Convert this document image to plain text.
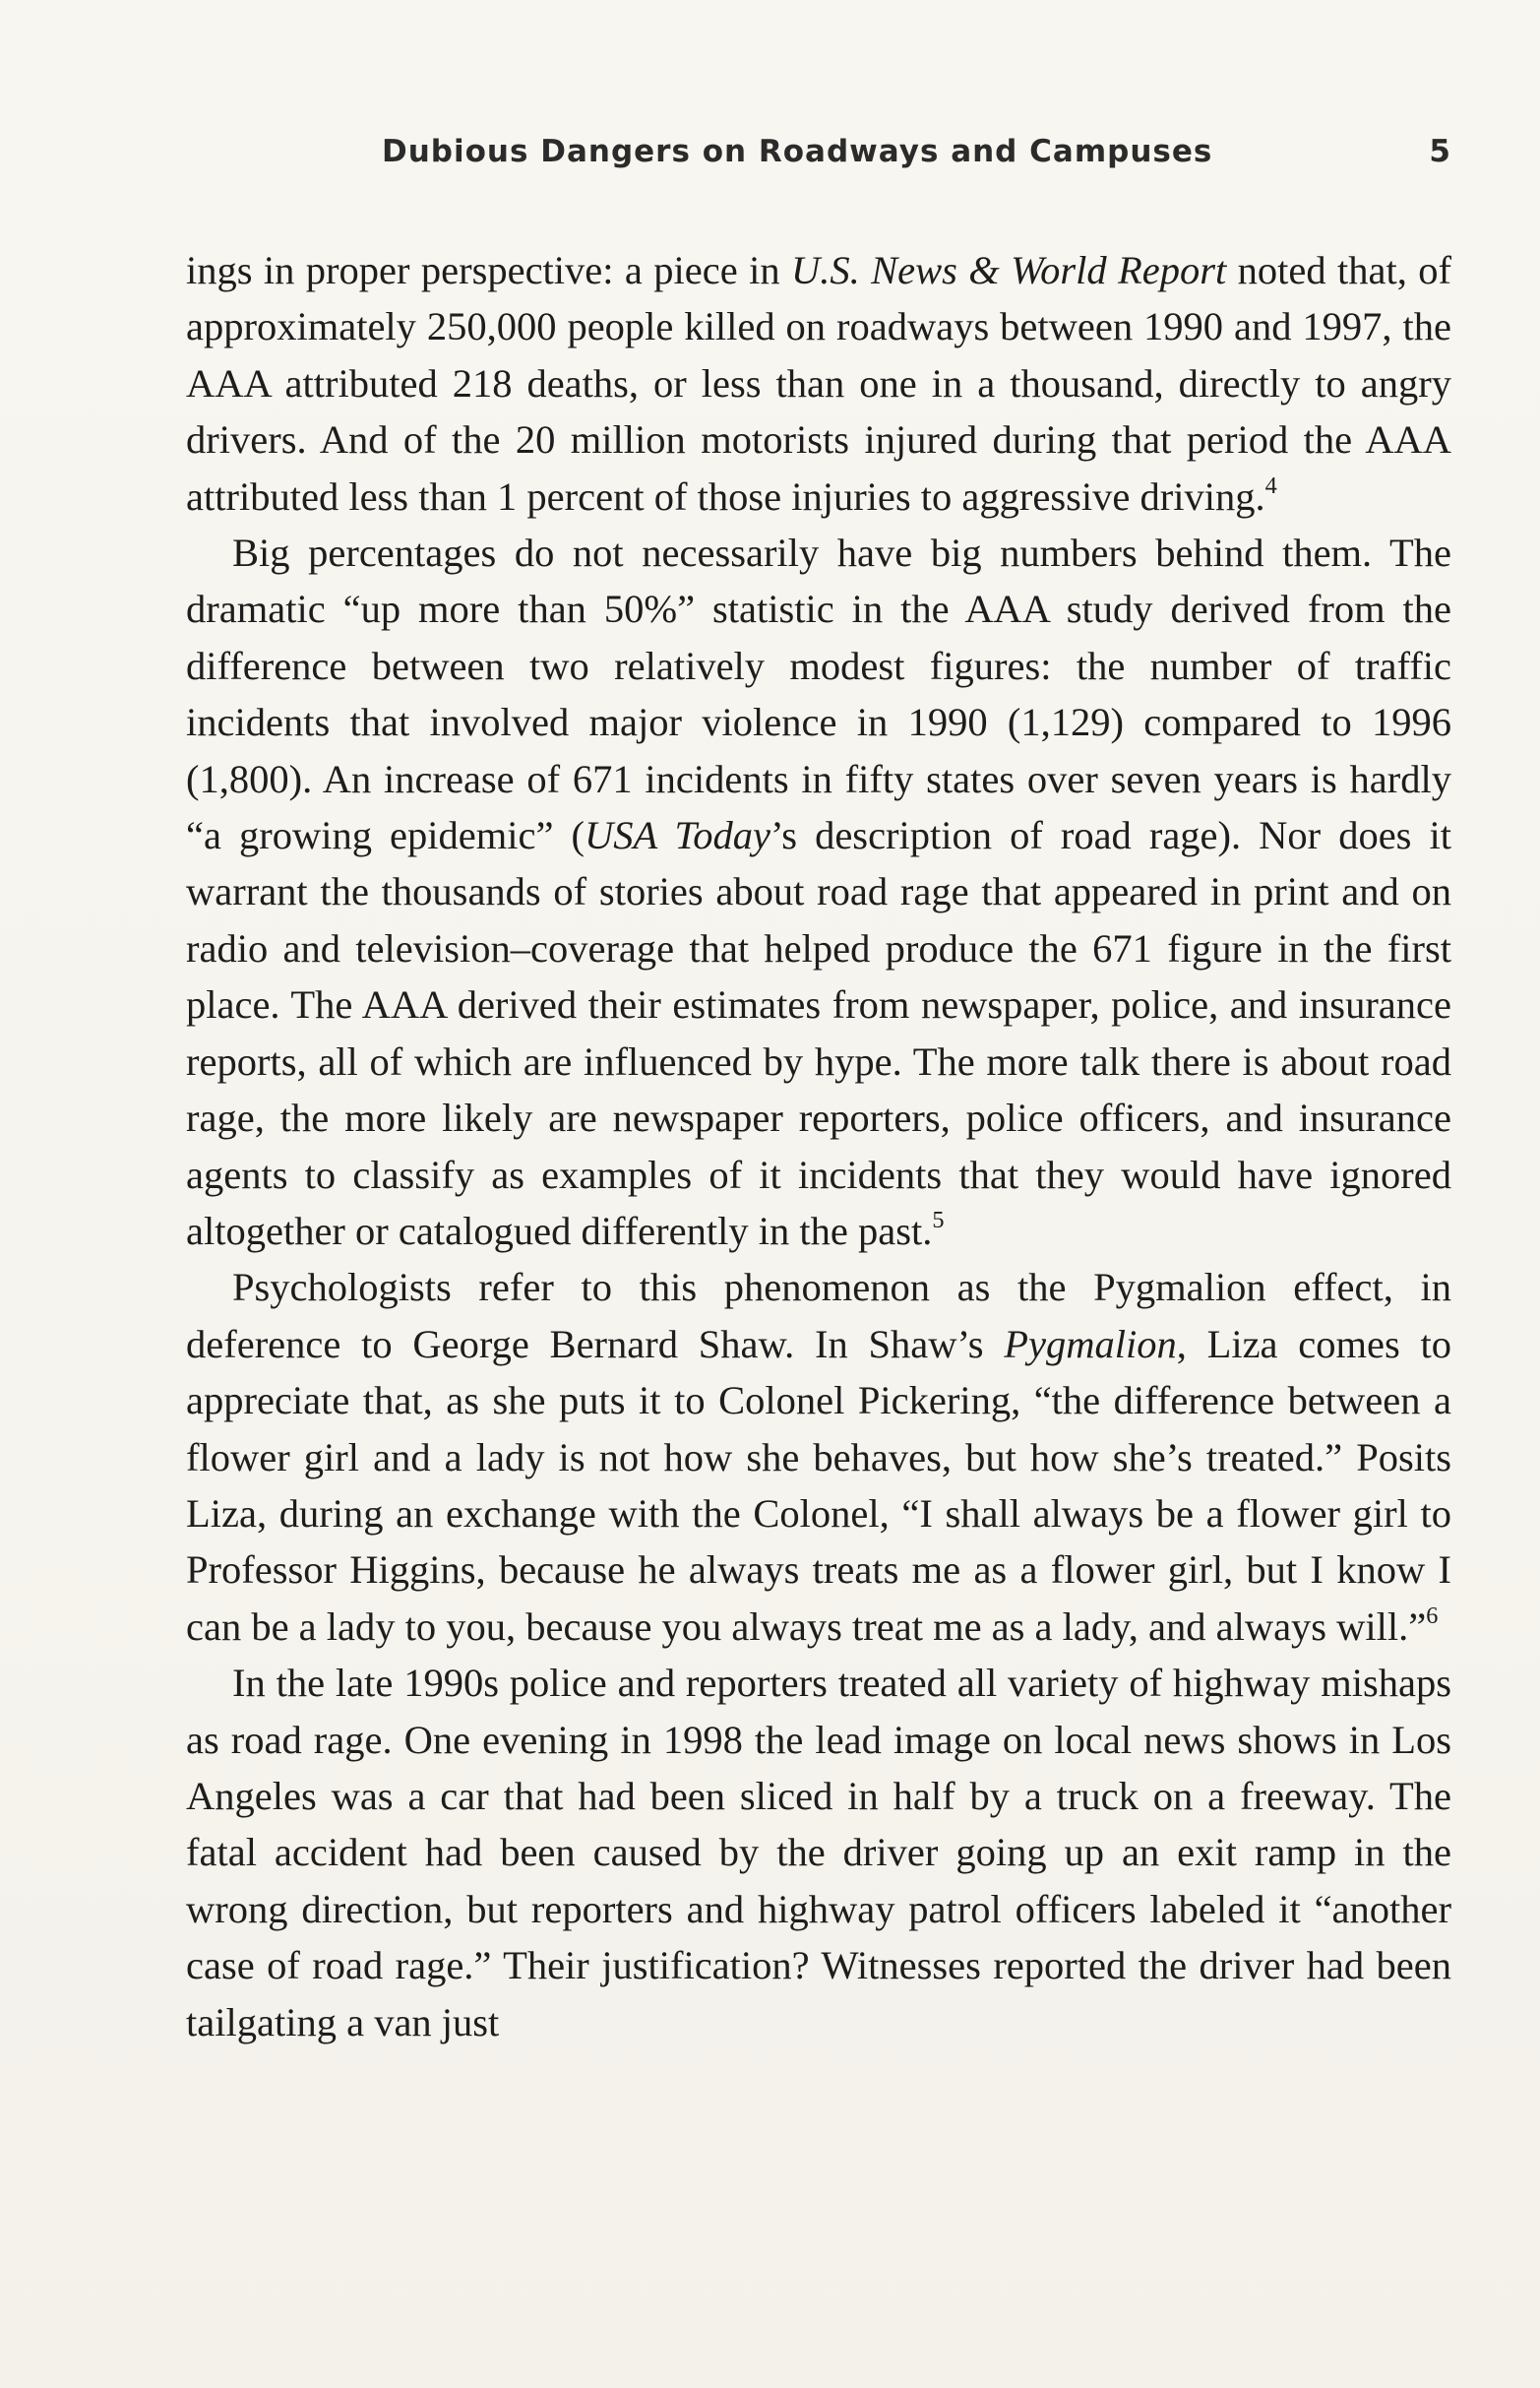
Dubious Dangers on Roadways and Campuses	5

ings in proper perspective: a piece in U.S. News & World Report noted that, of approximately 250,000 people killed on roadways between 1990 and 1997, the AAA attributed 218 deaths, or less than one in a thousand, directly to angry drivers. And of the 20 million motorists injured during that period the AAA attributed less than 1 percent of those injuries to aggressive driving.$^4$

Big percentages do not necessarily have big numbers behind them. The dramatic “up more than 50%” statistic in the AAA study derived from the difference between two relatively modest figures: the number of traffic incidents that involved major violence in 1990 (1,129) compared to 1996 (1,800). An increase of 671 incidents in fifty states over seven years is hardly “a growing epidemic” (USA Today’s description of road rage). Nor does it warrant the thousands of stories about road rage that appeared in print and on radio and television–coverage that helped produce the 671 figure in the first place. The AAA derived their estimates from newspaper, police, and insurance reports, all of which are influenced by hype. The more talk there is about road rage, the more likely are newspaper reporters, police officers, and insurance agents to classify as examples of it incidents that they would have ignored altogether or catalogued differently in the past.$^5$

Psychologists refer to this phenomenon as the Pygmalion effect, in deference to George Bernard Shaw. In Shaw’s Pygmalion, Liza comes to appreciate that, as she puts it to Colonel Pickering, “the difference between a flower girl and a lady is not how she behaves, but how she’s treated.” Posits Liza, during an exchange with the Colonel, “I shall always be a flower girl to Professor Higgins, because he always treats me as a flower girl, but I know I can be a lady to you, because you always treat me as a lady, and always will.”$^6$

In the late 1990s police and reporters treated all variety of highway mishaps as road rage. One evening in 1998 the lead image on local news shows in Los Angeles was a car that had been sliced in half by a truck on a freeway. The fatal accident had been caused by the driver going up an exit ramp in the wrong direction, but reporters and highway patrol officers labeled it “another case of road rage.” Their justification? Witnesses reported the driver had been tailgating a van just
